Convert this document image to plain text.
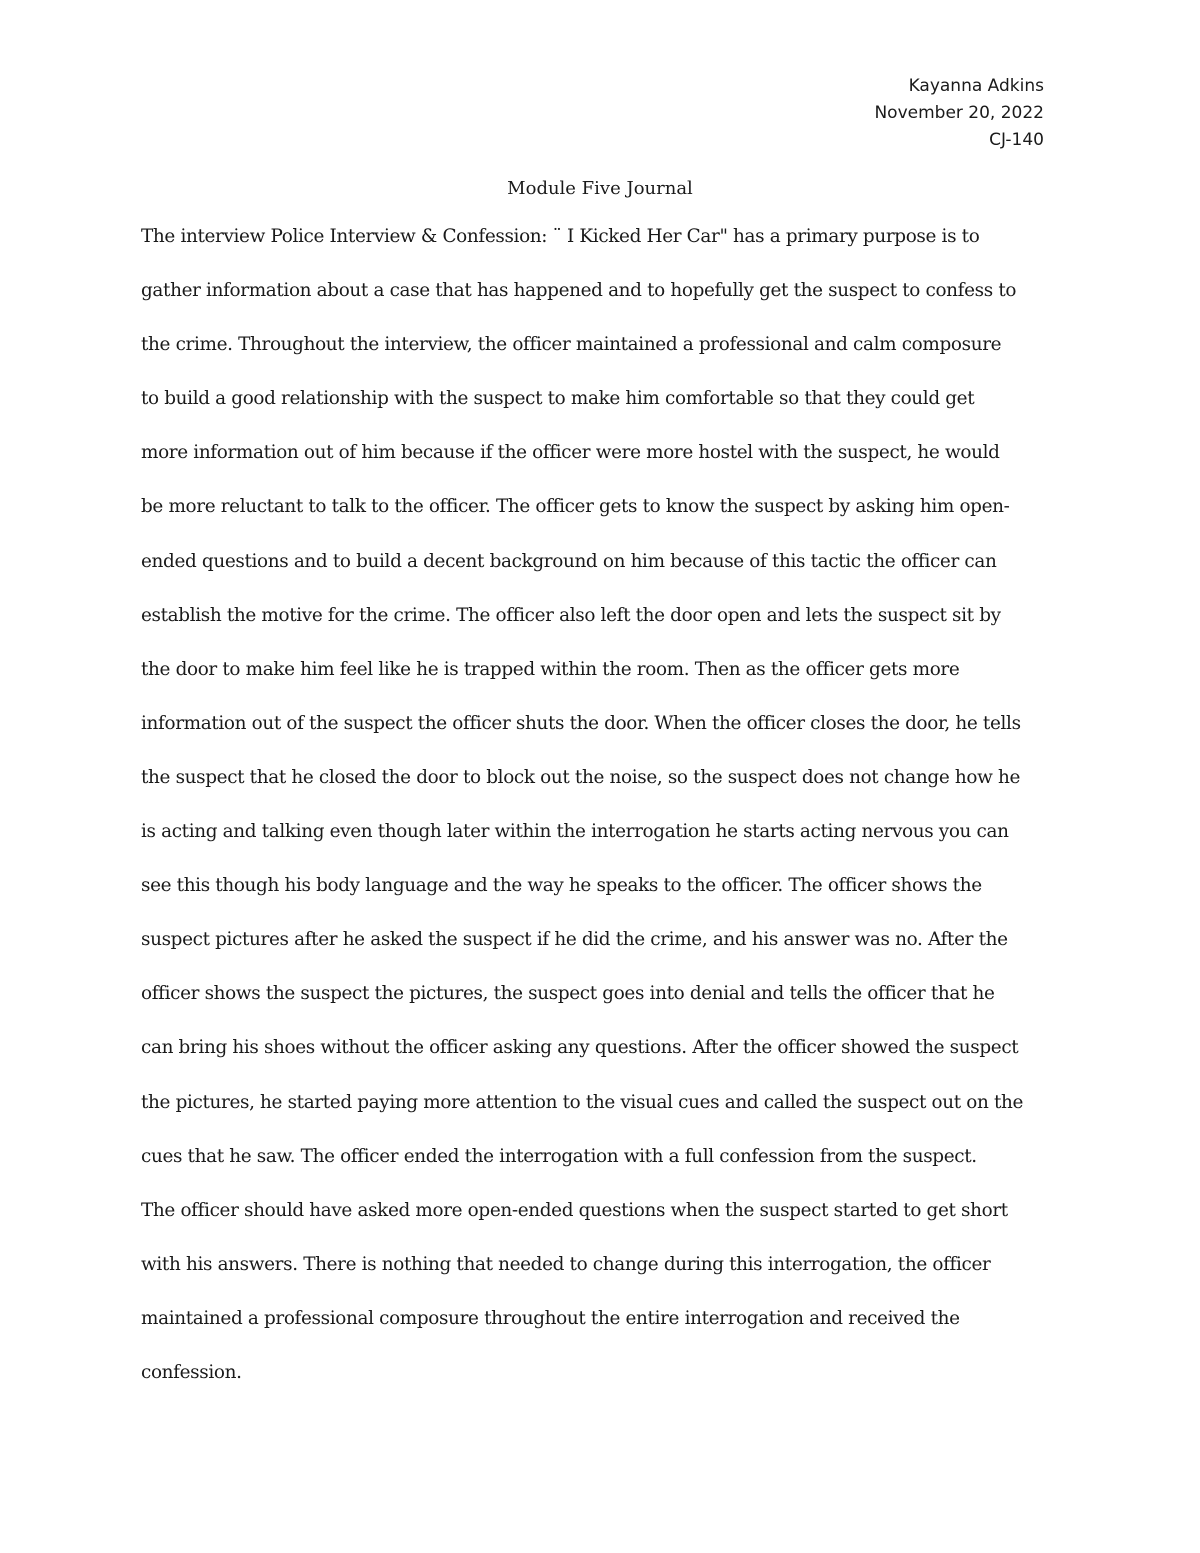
Kayanna Adkins
November 20, 2022
CJ-140
Module Five Journal
The interview Police Interview & Confession: ¨ I Kicked Her Car" has a primary purpose is to
gather information about a case that has happened and to hopefully get the suspect to confess to
the crime. Throughout the interview, the officer maintained a professional and calm composure
to build a good relationship with the suspect to make him comfortable so that they could get
more information out of him because if the officer were more hostel with the suspect, he would
be more reluctant to talk to the officer. The officer gets to know the suspect by asking him open-
ended questions and to build a decent background on him because of this tactic the officer can
establish the motive for the crime. The officer also left the door open and lets the suspect sit by
the door to make him feel like he is trapped within the room. Then as the officer gets more
information out of the suspect the officer shuts the door. When the officer closes the door, he tells
the suspect that he closed the door to block out the noise, so the suspect does not change how he
is acting and talking even though later within the interrogation he starts acting nervous you can
see this though his body language and the way he speaks to the officer. The officer shows the
suspect pictures after he asked the suspect if he did the crime, and his answer was no. After the
officer shows the suspect the pictures, the suspect goes into denial and tells the officer that he
can bring his shoes without the officer asking any questions. After the officer showed the suspect
the pictures, he started paying more attention to the visual cues and called the suspect out on the
cues that he saw. The officer ended the interrogation with a full confession from the suspect.
The officer should have asked more open-ended questions when the suspect started to get short
with his answers. There is nothing that needed to change during this interrogation, the officer
maintained a professional composure throughout the entire interrogation and received the
confession.
